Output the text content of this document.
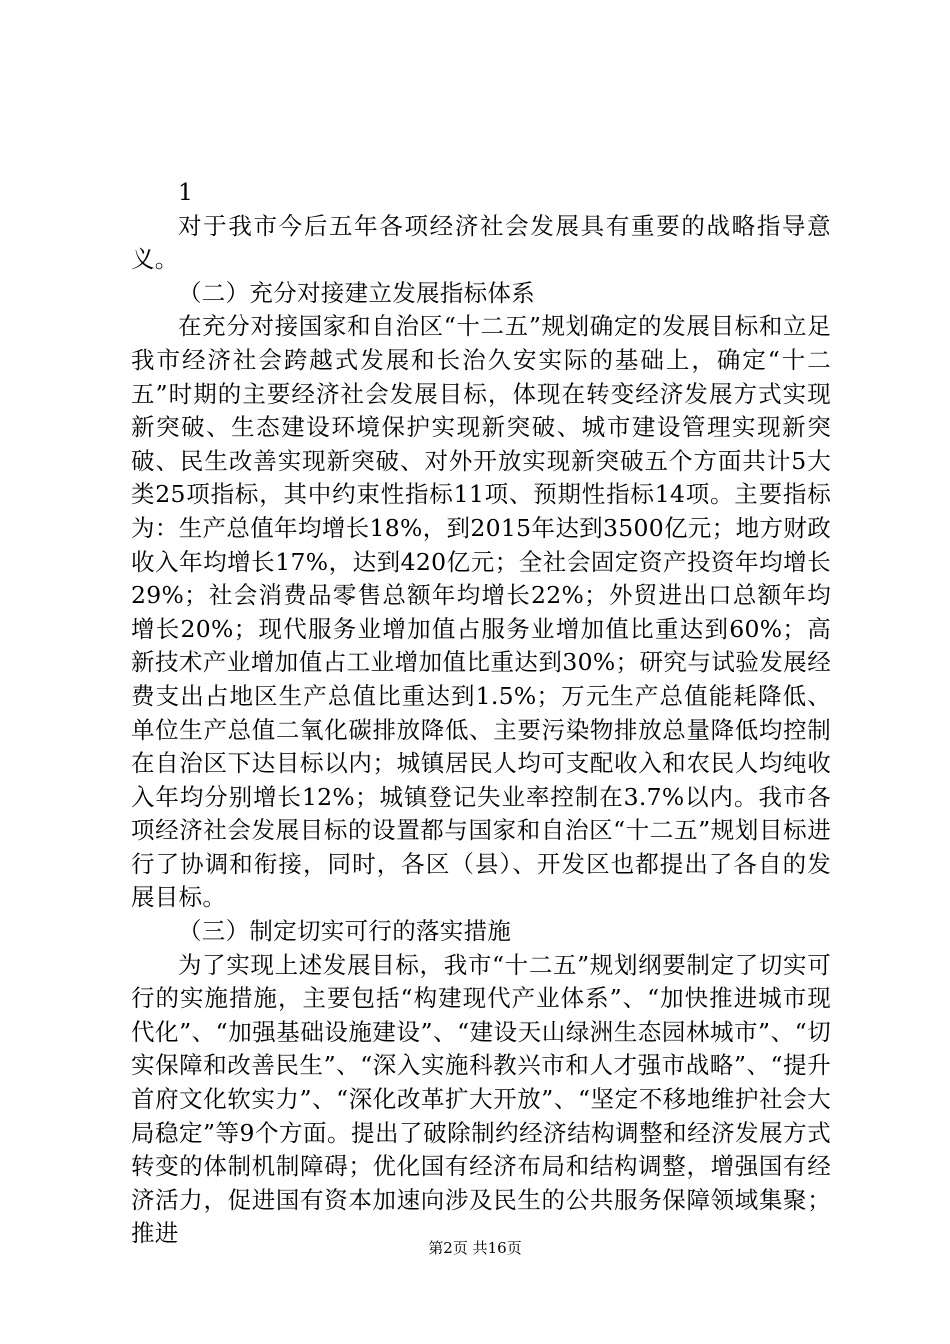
1

对于我市今后五年各项经济社会发展具有重要的战略指导意义。

（二）充分对接建立发展指标体系

在充分对接国家和自治区“十二五”规划确定的发展目标和立足我市经济社会跨越式发展和长治久安实际的基础上，确定“十二五”时期的主要经济社会发展目标，体现在转变经济发展方式实现新突破、生态建设环境保护实现新突破、城市建设管理实现新突破、民生改善实现新突破、对外开放实现新突破五个方面共计5大类25项指标，其中约束性指标11项、预期性指标14项。主要指标为：生产总值年均增长18%，到2015年达到3500亿元；地方财政收入年均增长17%，达到420亿元；全社会固定资产投资年均增长29%；社会消费品零售总额年均增长22%；外贸进出口总额年均增长20%；现代服务业增加值占服务业增加值比重达到60%；高新技术产业增加值占工业增加值比重达到30%；研究与试验发展经费支出占地区生产总值比重达到1.5%；万元生产总值能耗降低、单位生产总值二氧化碳排放降低、主要污染物排放总量降低均控制在自治区下达目标以内；城镇居民人均可支配收入和农民人均纯收入年均分别增长12%；城镇登记失业率控制在3.7%以内。我市各项经济社会发展目标的设置都与国家和自治区“十二五”规划目标进行了协调和衔接，同时，各区（县）、开发区也都提出了各自的发展目标。

（三）制定切实可行的落实措施

为了实现上述发展目标，我市“十二五”规划纲要制定了切实可行的实施措施，主要包括“构建现代产业体系”、“加快推进城市现代化”、“加强基础设施建设”、“建设天山绿洲生态园林城市”、“切实保障和改善民生”、“深入实施科教兴市和人才强市战略”、“提升首府文化软实力”、“深化改革扩大开放”、“坚定不移地维护社会大局稳定”等9个方面。提出了破除制约经济结构调整和经济发展方式转变的体制机制障碍；优化国有经济布局和结构调整，增强国有经济活力，促进国有资本加速向涉及民生的公共服务保障领域集聚；推进

第2页 共16页
